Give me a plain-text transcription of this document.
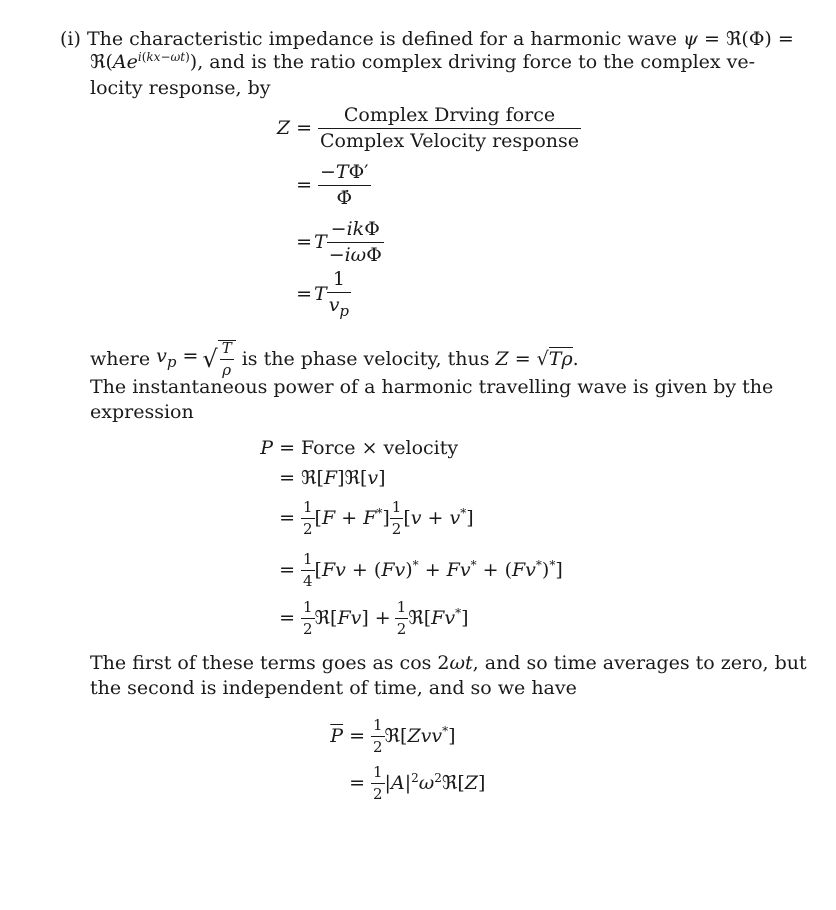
(i) The characteristic impedance is defined for a harmonic wave ψ = ℜ(Φ) =
$ℜ(Ae^{i(kx-\omega t)})$, and is the ratio complex driving force to the complex ve-
locity response, by
$Z = \frac{\text{Complex Drving force}}{\text{Complex Velocity response}}$
= $\frac{-T\Phi'}{\Phi̇}$
= T $\frac{\text{−ikΦ}}{\text{−iωΦ}}$
= T $\frac{1}{v_p}$
where $v_p$ = √ $\frac{T}{\rho}$ is the phase velocity, thus Z = √Tρ.
The instantaneous power of a harmonic travelling wave is given by the
expression
P = Force × velocity
= ℜ[F]ℜ[v]
= $\frac{1}{2} [F + F^*] \frac{1}{2} [v + v^*]$
= $\frac{1}{4} [Fv + (Fv)^* + Fv^* + (Fv^*)^*]$
= $\frac{1}{2}$ ℜ[Fv] + $\frac{1}{2}$ ℜ[Fv*]
The first of these terms goes as cos 2ωt, and so time averages to zero, but
the second is independent of time, and so we have
$\overline{P} = \frac{1}{2}$ ℜ[Zvv*]
= $\frac{1}{2}$ $|A|^2\omega^2ℜ[Z]$
